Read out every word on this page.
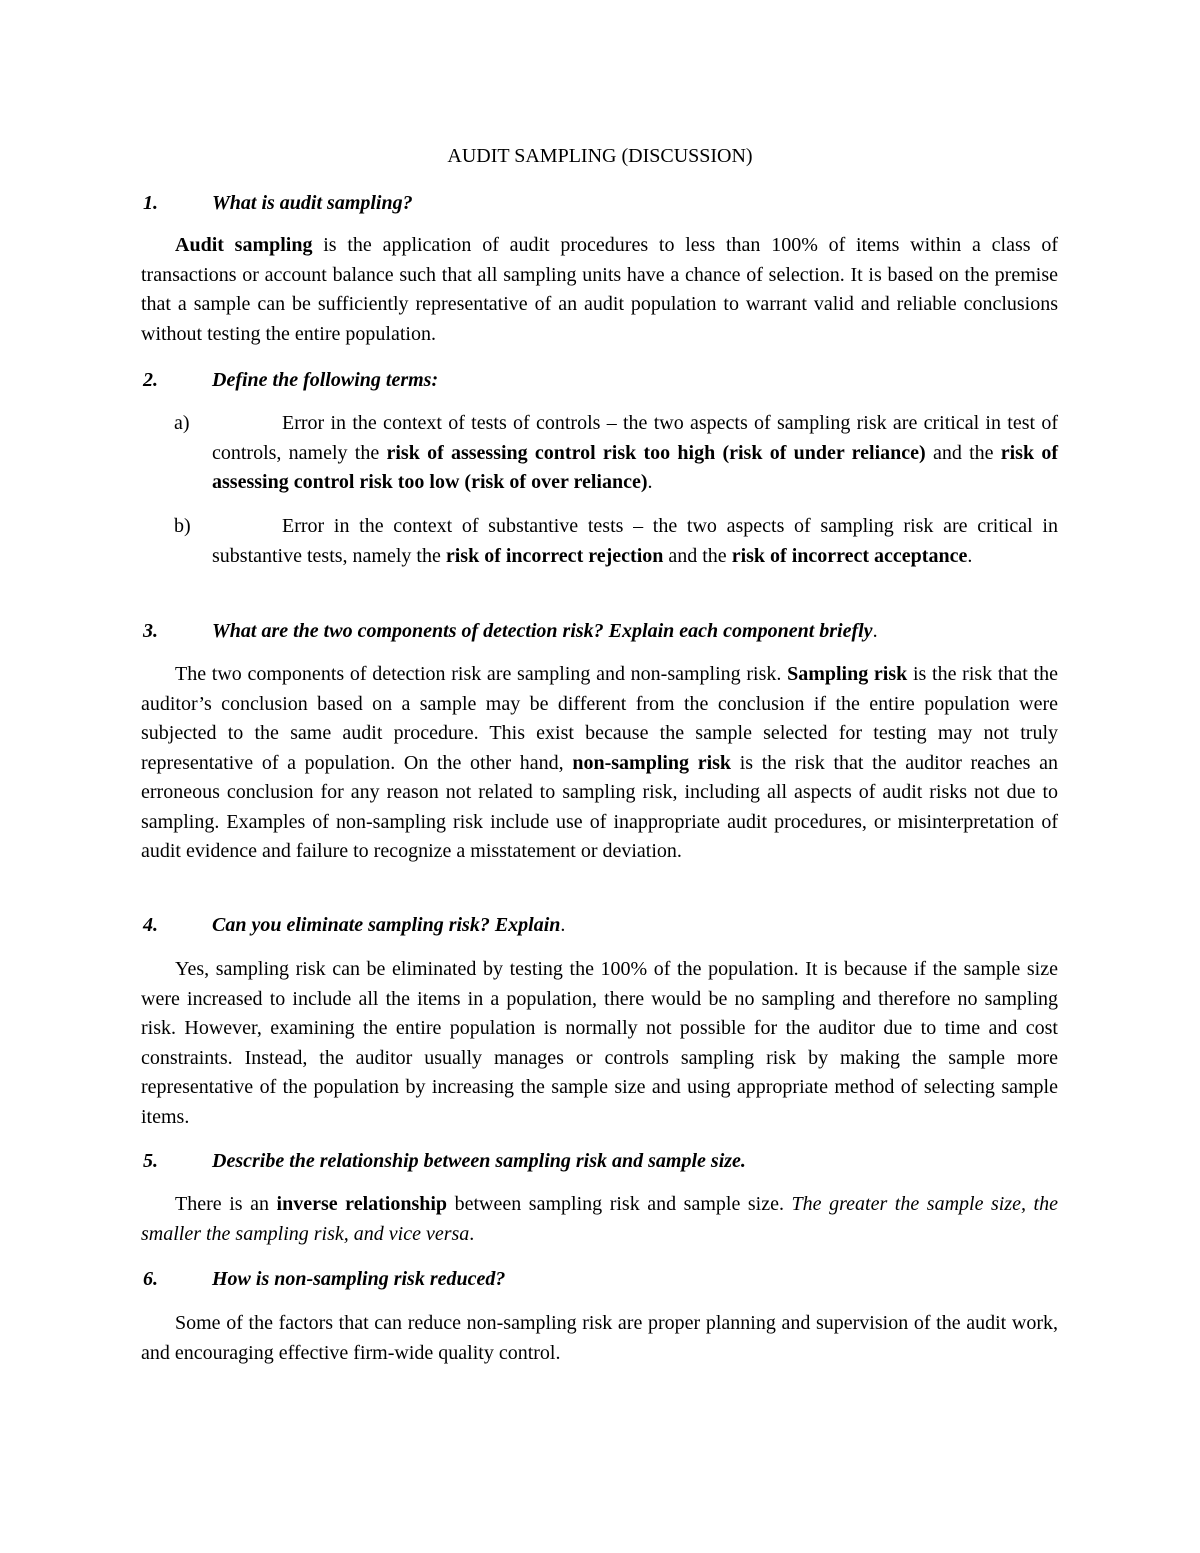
AUDIT SAMPLING (DISCUSSION)

1.	What is audit sampling?

Audit sampling is the application of audit procedures to less than 100% of items within a class of transactions or account balance such that all sampling units have a chance of selection. It is based on the premise that a sample can be sufficiently representative of an audit population to warrant valid and reliable conclusions without testing the entire population.

2.	Define the following terms:

a)	Error in the context of tests of controls – the two aspects of sampling risk are critical in test of controls, namely the risk of assessing control risk too high (risk of under reliance) and the risk of assessing control risk too low (risk of over reliance).

b)	Error in the context of substantive tests – the two aspects of sampling risk are critical in substantive tests, namely the risk of incorrect rejection and the risk of incorrect acceptance.

3.	What are the two components of detection risk? Explain each component briefly.

The two components of detection risk are sampling and non-sampling risk. Sampling risk is the risk that the auditor’s conclusion based on a sample may be different from the conclusion if the entire population were subjected to the same audit procedure. This exist because the sample selected for testing may not truly representative of a population. On the other hand, non-sampling risk is the risk that the auditor reaches an erroneous conclusion for any reason not related to sampling risk, including all aspects of audit risks not due to sampling. Examples of non-sampling risk include use of inappropriate audit procedures, or misinterpretation of audit evidence and failure to recognize a misstatement or deviation.

4.	Can you eliminate sampling risk? Explain.

Yes, sampling risk can be eliminated by testing the 100% of the population. It is because if the sample size were increased to include all the items in a population, there would be no sampling and therefore no sampling risk. However, examining the entire population is normally not possible for the auditor due to time and cost constraints. Instead, the auditor usually manages or controls sampling risk by making the sample more representative of the population by increasing the sample size and using appropriate method of selecting sample items.

5.	Describe the relationship between sampling risk and sample size.

There is an inverse relationship between sampling risk and sample size. The greater the sample size, the smaller the sampling risk, and vice versa.

6.	How is non-sampling risk reduced?

Some of the factors that can reduce non-sampling risk are proper planning and supervision of the audit work, and encouraging effective firm-wide quality control.
